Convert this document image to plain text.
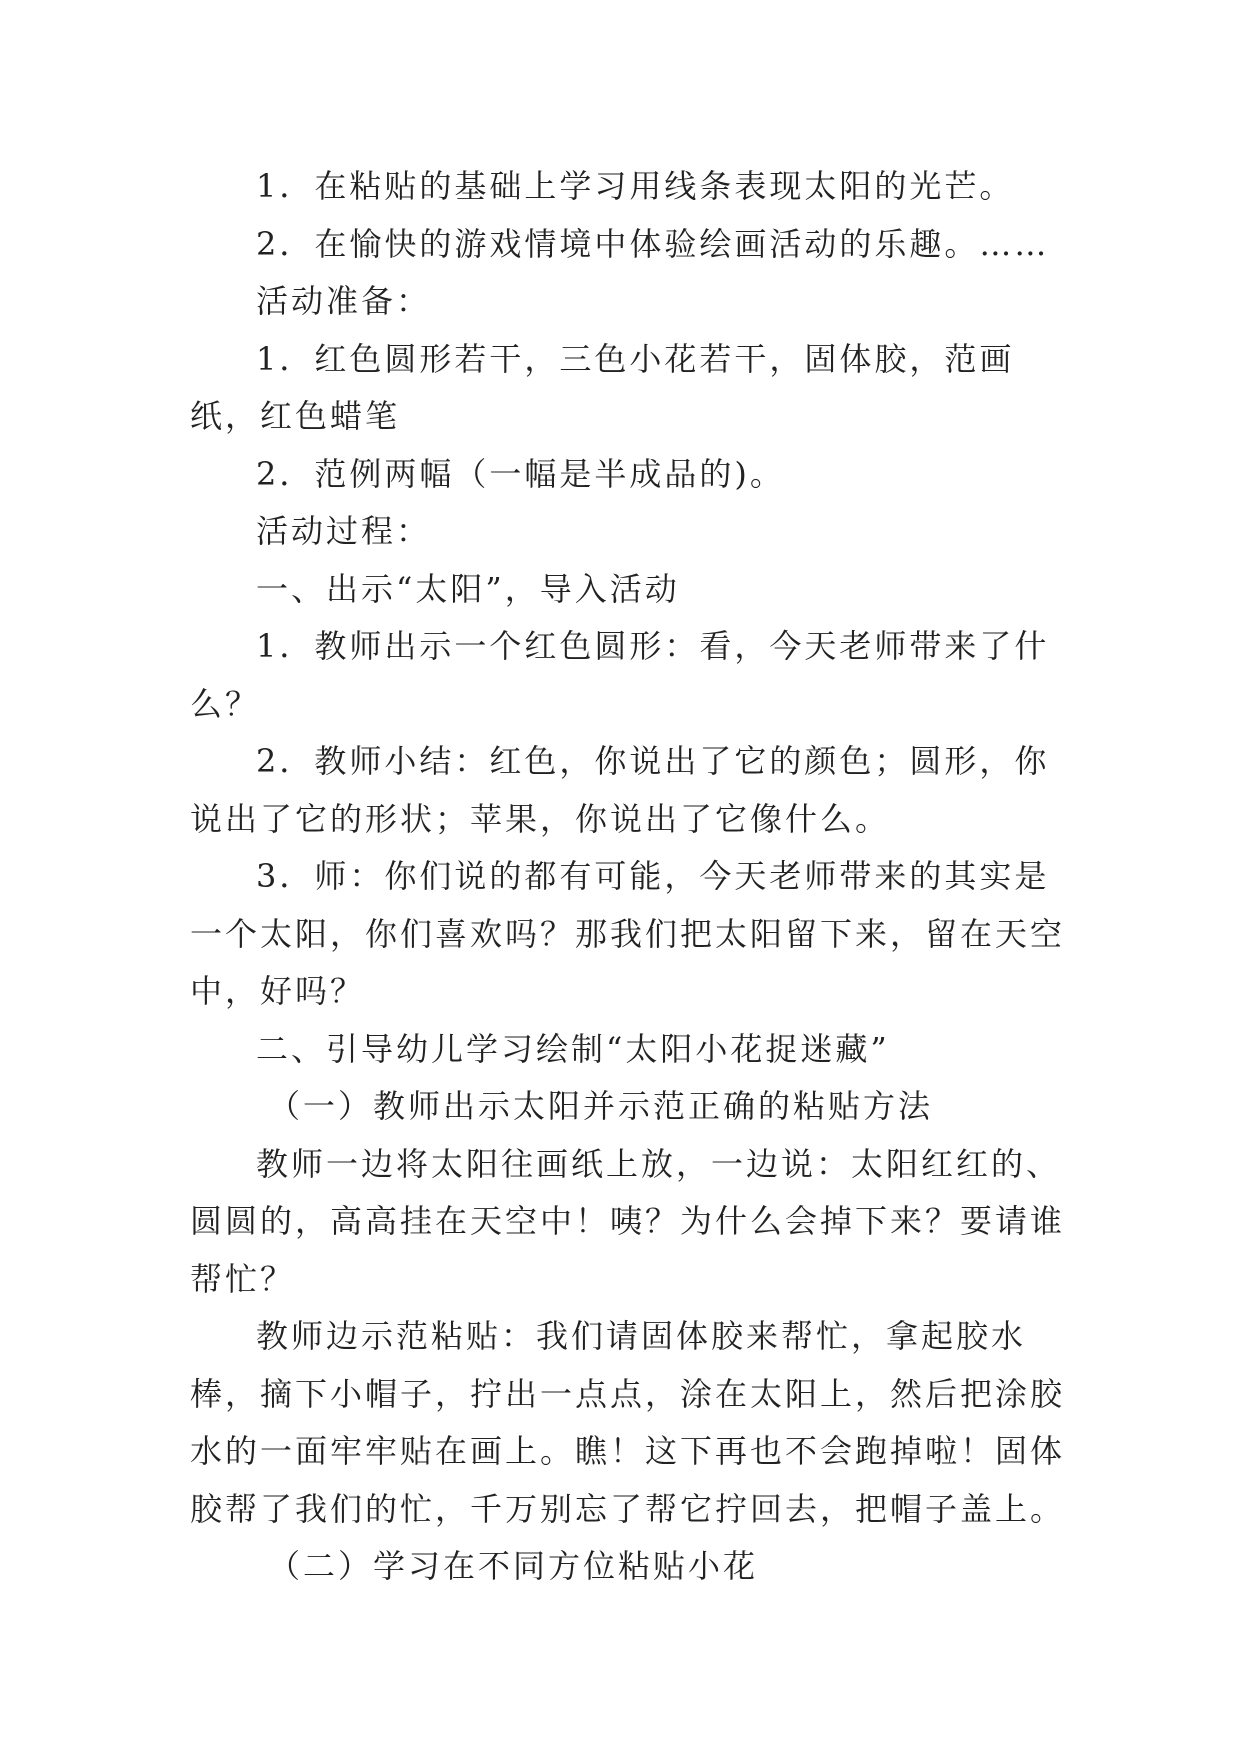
1．在粘贴的基础上学习用线条表现太阳的光芒。

2．在愉快的游戏情境中体验绘画活动的乐趣。……

活动准备：

1．红色圆形若干，三色小花若干，固体胶，范画纸，红色蜡笔

2．范例两幅（一幅是半成品的)。

活动过程：

一、出示“太阳”，导入活动

1．教师出示一个红色圆形：看，今天老师带来了什么？

2．教师小结：红色，你说出了它的颜色；圆形，你说出了它的形状；苹果，你说出了它像什么。

3．师：你们说的都有可能，今天老师带来的其实是一个太阳，你们喜欢吗？那我们把太阳留下来，留在天空中，好吗？

二、引导幼儿学习绘制“太阳小花捉迷藏”

（一）教师出示太阳并示范正确的粘贴方法

教师一边将太阳往画纸上放，一边说：太阳红红的、圆圆的，高高挂在天空中！咦？为什么会掉下来？要请谁帮忙？

教师边示范粘贴：我们请固体胶来帮忙，拿起胶水棒，摘下小帽子，拧出一点点，涂在太阳上，然后把涂胶水的一面牢牢贴在画上。瞧！这下再也不会跑掉啦！固体胶帮了我们的忙，千万别忘了帮它拧回去，把帽子盖上。

（二）学习在不同方位粘贴小花
